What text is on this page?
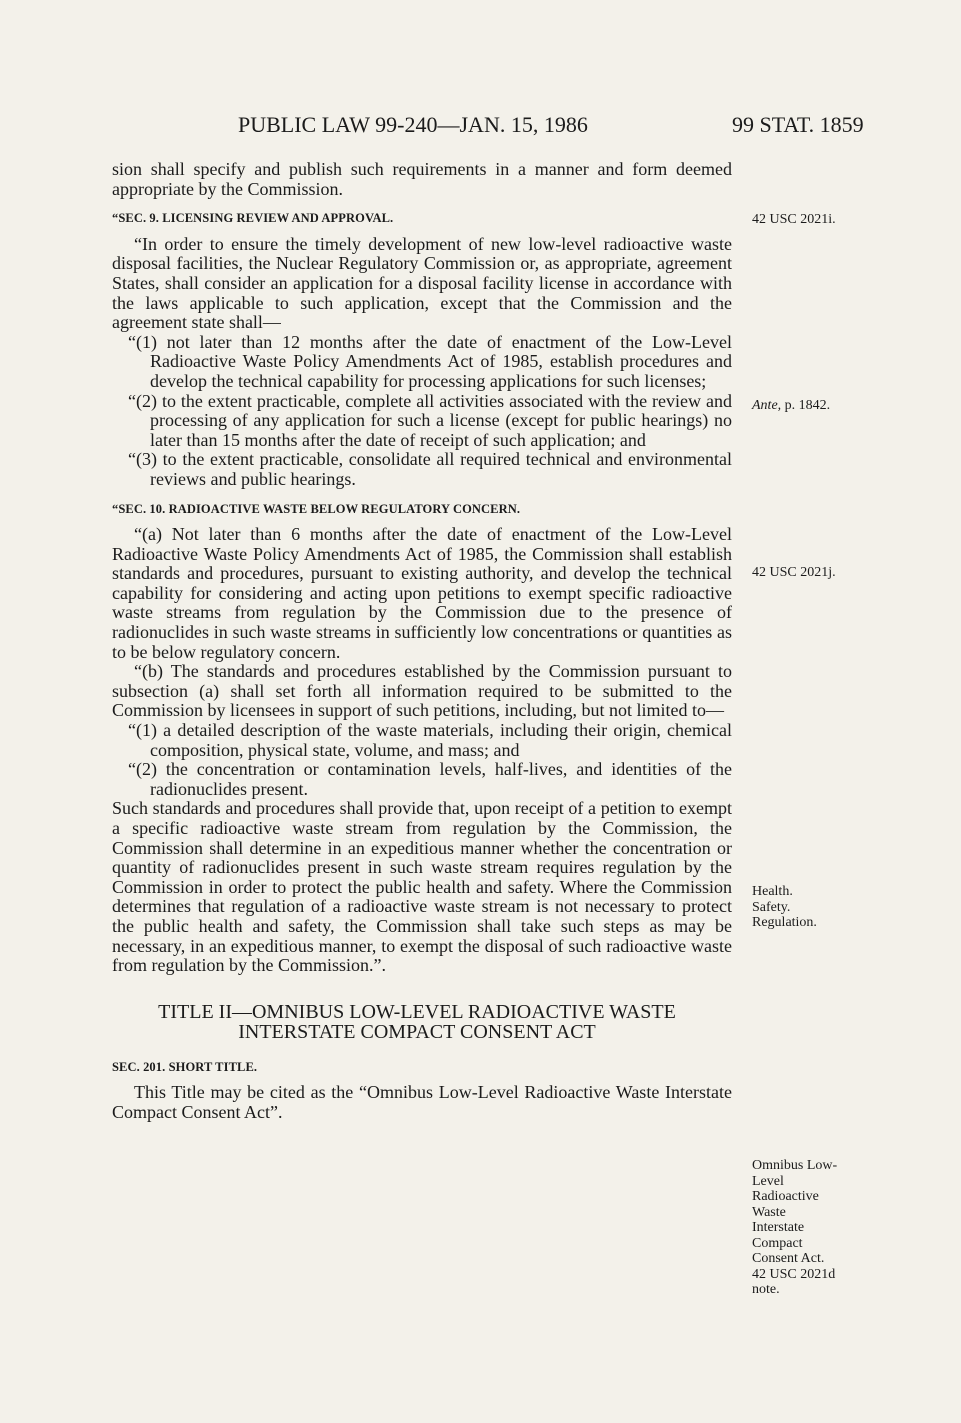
PUBLIC LAW 99-240—JAN. 15, 1986	99 STAT. 1859

sion shall specify and publish such requirements in a manner and form deemed appropriate by the Commission.

“SEC. 9. LICENSING REVIEW AND APPROVAL.

“In order to ensure the timely development of new low-level radioactive waste disposal facilities, the Nuclear Regulatory Commission or, as appropriate, agreement States, shall consider an application for a disposal facility license in accordance with the laws applicable to such application, except that the Commission and the agreement state shall—

“(1) not later than 12 months after the date of enactment of the Low-Level Radioactive Waste Policy Amendments Act of 1985, establish procedures and develop the technical capability for processing applications for such licenses;

“(2) to the extent practicable, complete all activities associated with the review and processing of any application for such a license (except for public hearings) no later than 15 months after the date of receipt of such application; and

“(3) to the extent practicable, consolidate all required technical and environmental reviews and public hearings.

“SEC. 10. RADIOACTIVE WASTE BELOW REGULATORY CONCERN.

“(a) Not later than 6 months after the date of enactment of the Low-Level Radioactive Waste Policy Amendments Act of 1985, the Commission shall establish standards and procedures, pursuant to existing authority, and develop the technical capability for considering and acting upon petitions to exempt specific radioactive waste streams from regulation by the Commission due to the presence of radionuclides in such waste streams in sufficiently low concentrations or quantities as to be below regulatory concern.

“(b) The standards and procedures established by the Commission pursuant to subsection (a) shall set forth all information required to be submitted to the Commission by licensees in support of such petitions, including, but not limited to—

“(1) a detailed description of the waste materials, including their origin, chemical composition, physical state, volume, and mass; and

“(2) the concentration or contamination levels, half-lives, and identities of the radionuclides present.

Such standards and procedures shall provide that, upon receipt of a petition to exempt a specific radioactive waste stream from regulation by the Commission, the Commission shall determine in an expeditious manner whether the concentration or quantity of radionuclides present in such waste stream requires regulation by the Commission in order to protect the public health and safety. Where the Commission determines that regulation of a radioactive waste stream is not necessary to protect the public health and safety, the Commission shall take such steps as may be necessary, in an expeditious manner, to exempt the disposal of such radioactive waste from regulation by the Commission.”.

TITLE II—OMNIBUS LOW-LEVEL RADIOACTIVE WASTE
INTERSTATE COMPACT CONSENT ACT

SEC. 201. SHORT TITLE.

This Title may be cited as the “Omnibus Low-Level Radioactive Waste Interstate Compact Consent Act”.

42 USC 2021i.
Ante, p. 1842.
42 USC 2021j.
Health.
Safety.
Regulation.
Omnibus Low-
Level
Radioactive
Waste
Interstate
Compact
Consent Act.
42 USC 2021d
note.
